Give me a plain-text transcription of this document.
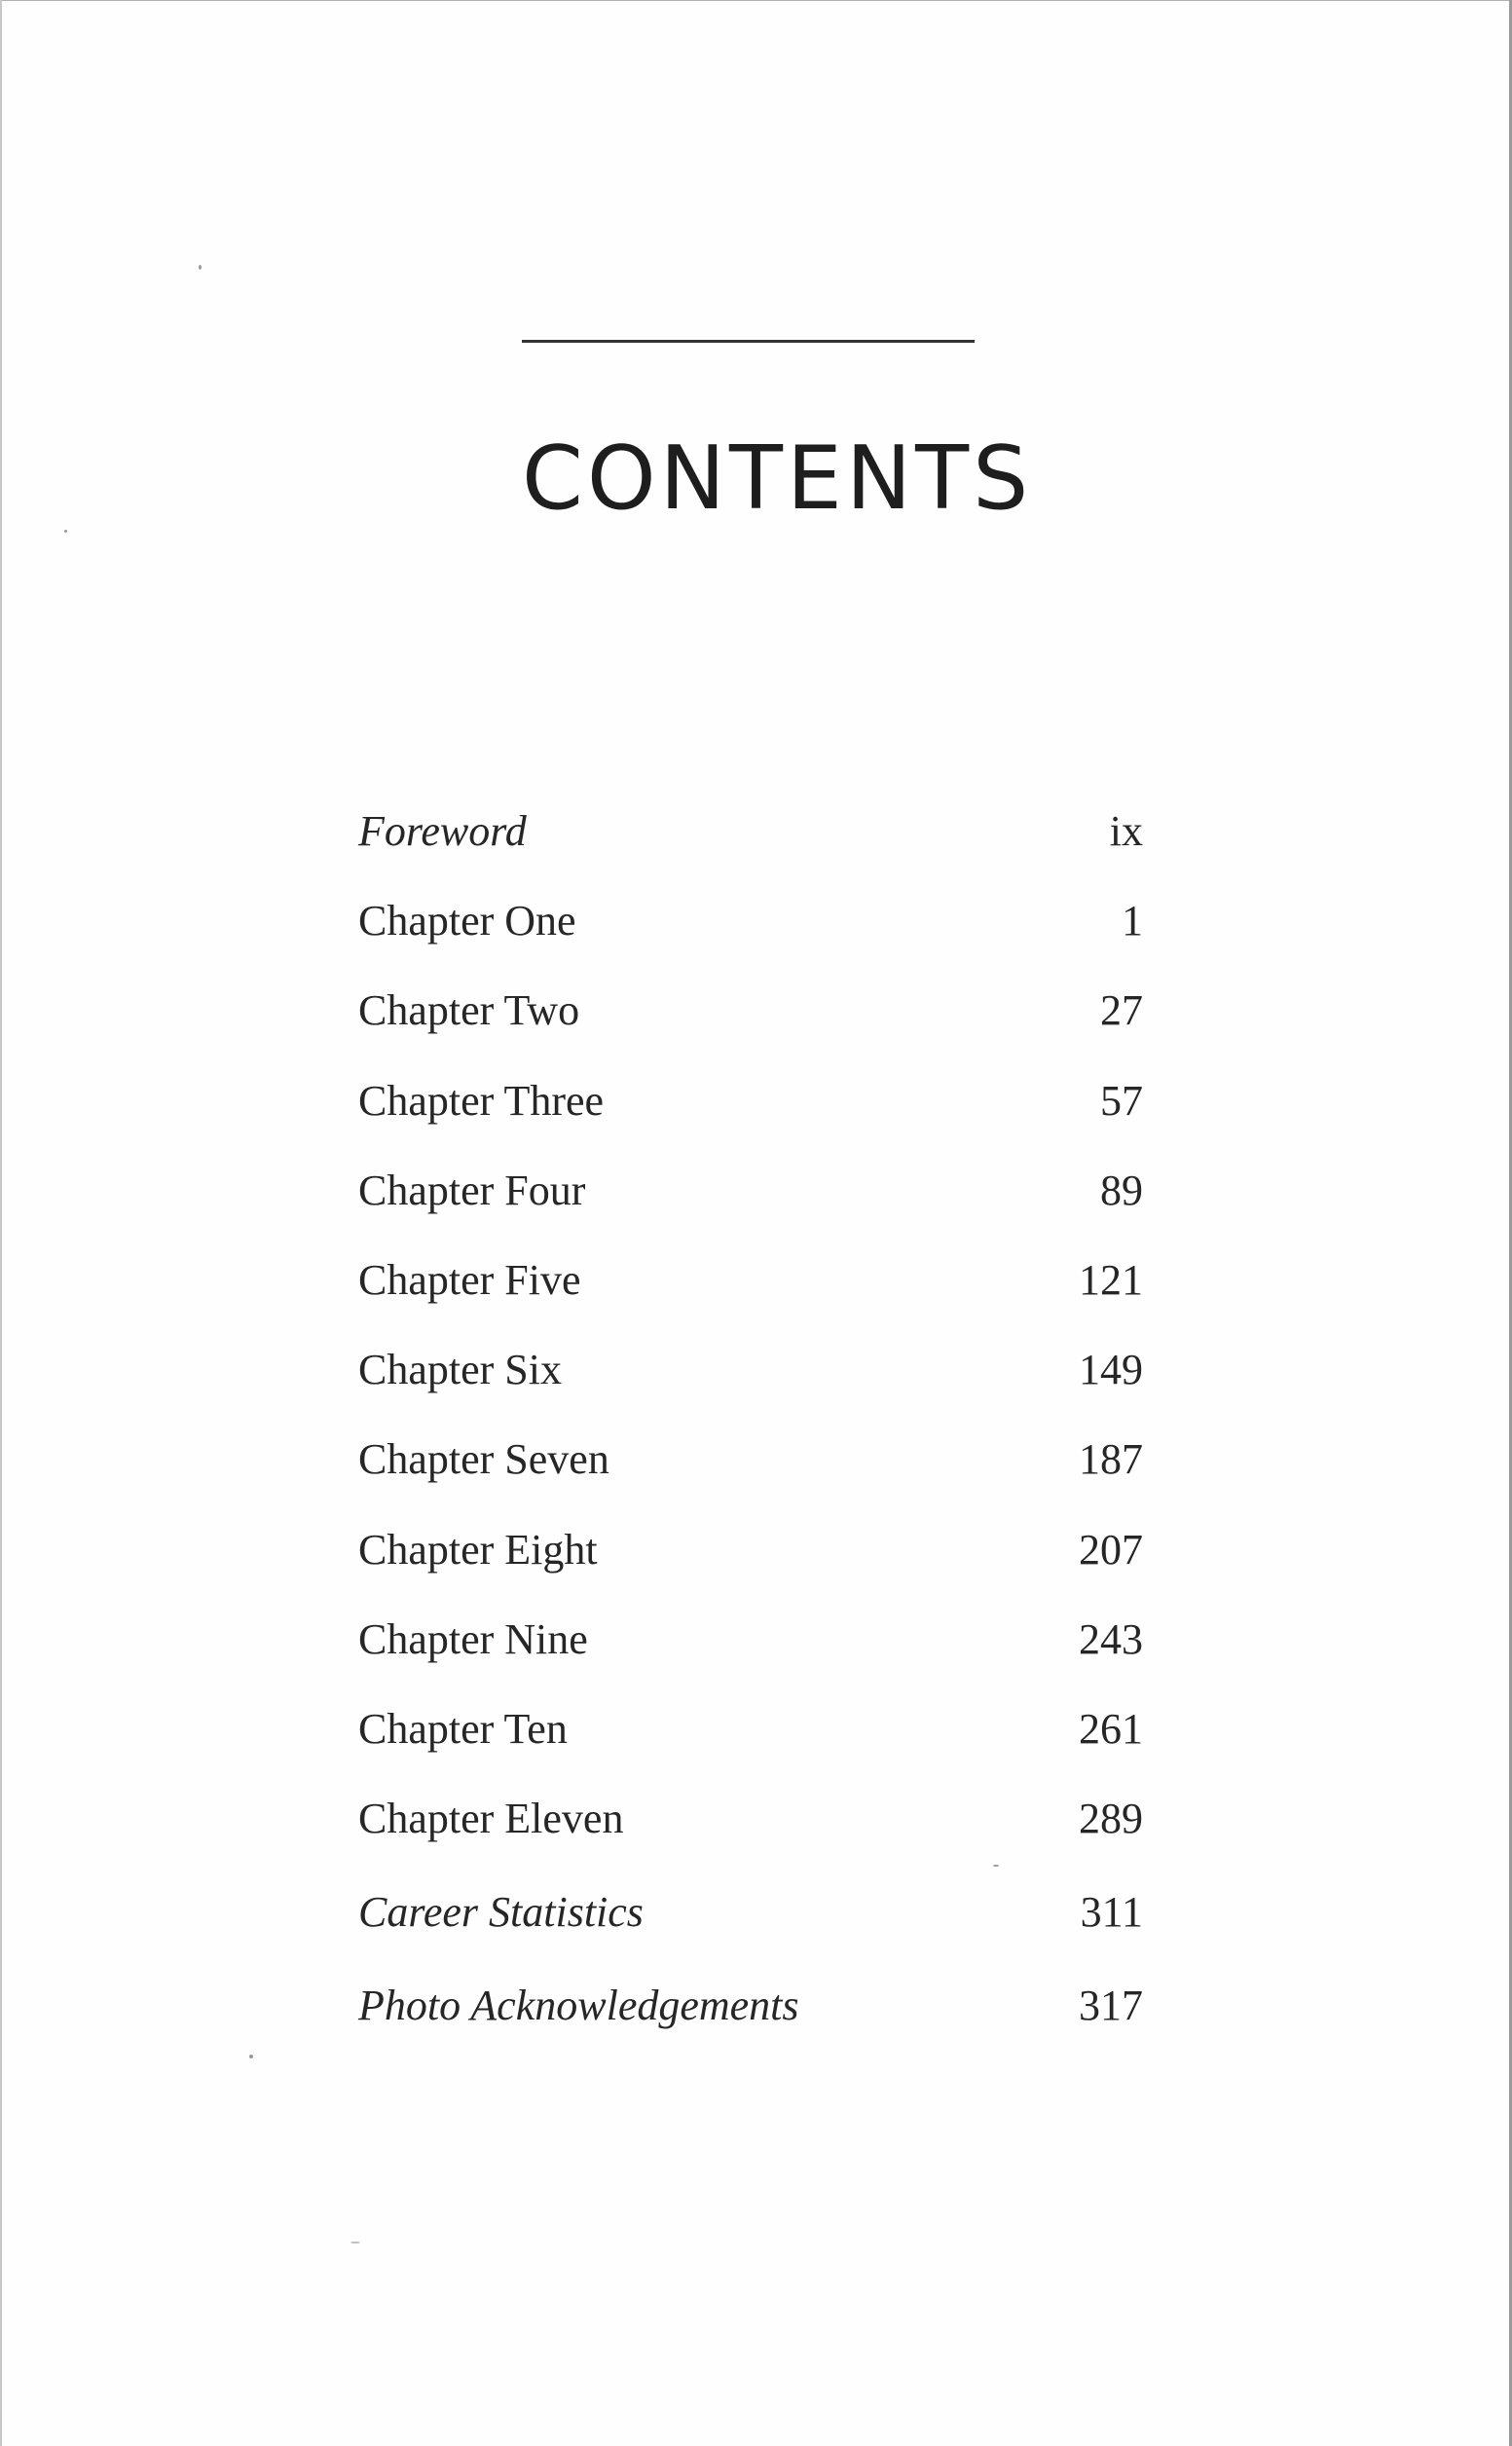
CONTENTS
Foreword	ix
Chapter One	1
Chapter Two	27
Chapter Three	57
Chapter Four	89
Chapter Five	121
Chapter Six	149
Chapter Seven	187
Chapter Eight	207
Chapter Nine	243
Chapter Ten	261
Chapter Eleven	289
Career Statistics	311
Photo Acknowledgements	317
